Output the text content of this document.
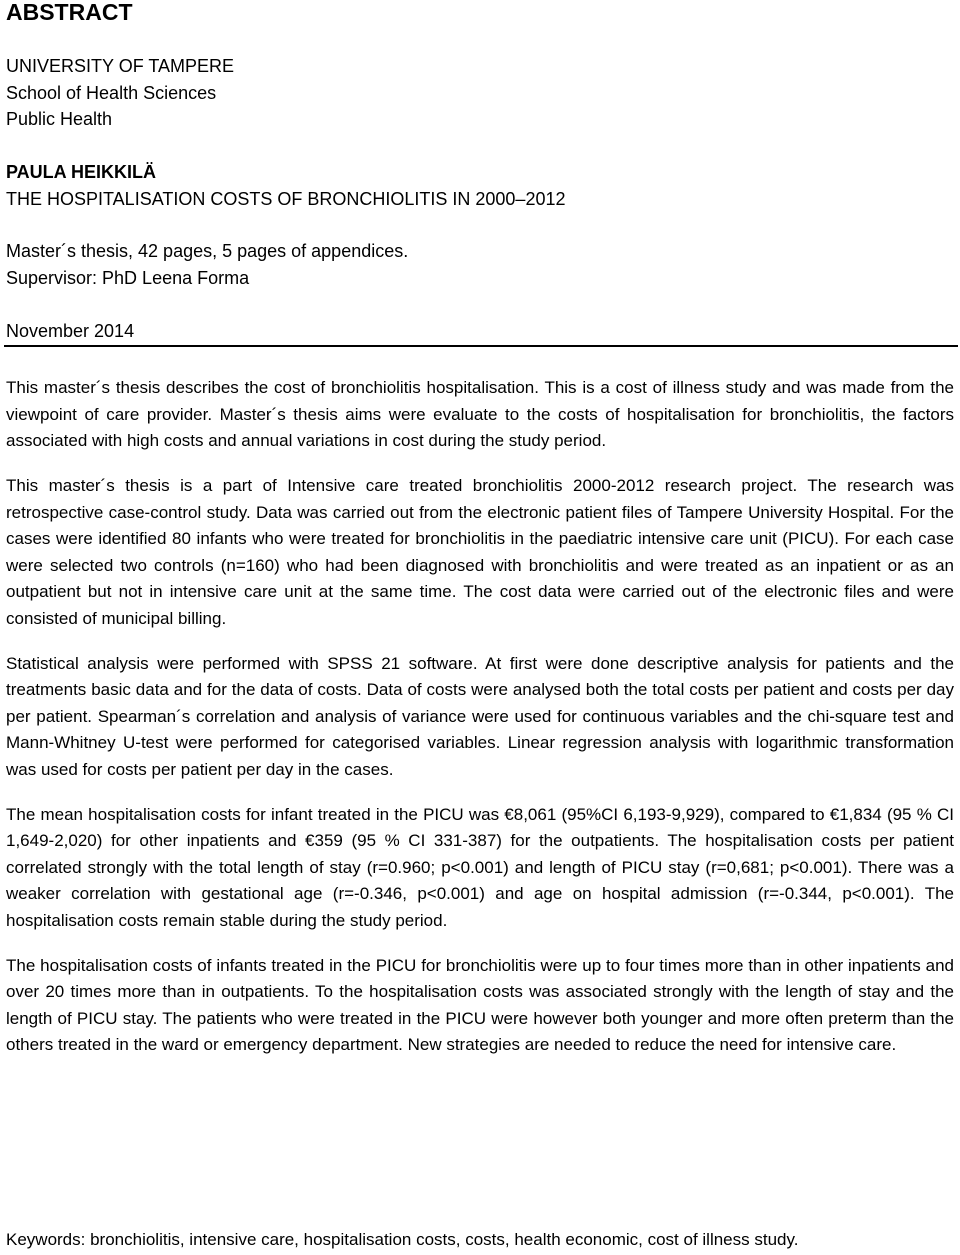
ABSTRACT
UNIVERSITY OF TAMPERE
School of Health Sciences
Public Health
PAULA HEIKKILÄ
THE HOSPITALISATION COSTS OF BRONCHIOLITIS IN 2000–2012
Master´s thesis, 42 pages, 5 pages of appendices.
Supervisor: PhD Leena Forma
November 2014

This master´s thesis describes the cost of bronchiolitis hospitalisation. This is a cost of illness study and was made from the viewpoint of care provider. Master´s thesis aims were evaluate to the costs of hospitalisation for bronchiolitis, the factors associated with high costs and annual variations in cost during the study period.

This master´s thesis is a part of Intensive care treated bronchiolitis 2000-2012 research project. The research was retrospective case-control study. Data was carried out from the electronic patient files of Tampere University Hospital. For the cases were identified 80 infants who were treated for bronchiolitis in the paediatric intensive care unit (PICU). For each case were selected two controls (n=160) who had been diagnosed with bronchiolitis and were treated as an inpatient or as an outpatient but not in intensive care unit at the same time. The cost data were carried out of the electronic files and were consisted of municipal billing.

Statistical analysis were performed with SPSS 21 software. At first were done descriptive analysis for patients and the treatments basic data and for the data of costs. Data of costs were analysed both the total costs per patient and costs per day per patient. Spearman´s correlation and analysis of variance were used for continuous variables and the chi-square test and Mann-Whitney U-test were performed for categorised variables. Linear regression analysis with logarithmic transformation was used for costs per patient per day in the cases.

The mean hospitalisation costs for infant treated in the PICU was €8,061 (95%CI 6,193-9,929), compared to €1,834 (95 % CI 1,649-2,020) for other inpatients and €359 (95 % CI 331-387) for the outpatients. The hospitalisation costs per patient correlated strongly with the total length of stay (r=0.960; p<0.001) and length of PICU stay (r=0,681; p<0.001). There was a weaker correlation with gestational age (r=-0.346, p<0.001) and age on hospital admission (r=-0.344, p<0.001). The hospitalisation costs remain stable during the study period.

The hospitalisation costs of infants treated in the PICU for bronchiolitis were up to four times more than in other inpatients and over 20 times more than in outpatients. To the hospitalisation costs was associated strongly with the length of stay and the length of PICU stay. The patients who were treated in the PICU were however both younger and more often preterm than the others treated in the ward or emergency department. New strategies are needed to reduce the need for intensive care.

Keywords: bronchiolitis, intensive care, hospitalisation costs, costs, health economic, cost of illness study.
